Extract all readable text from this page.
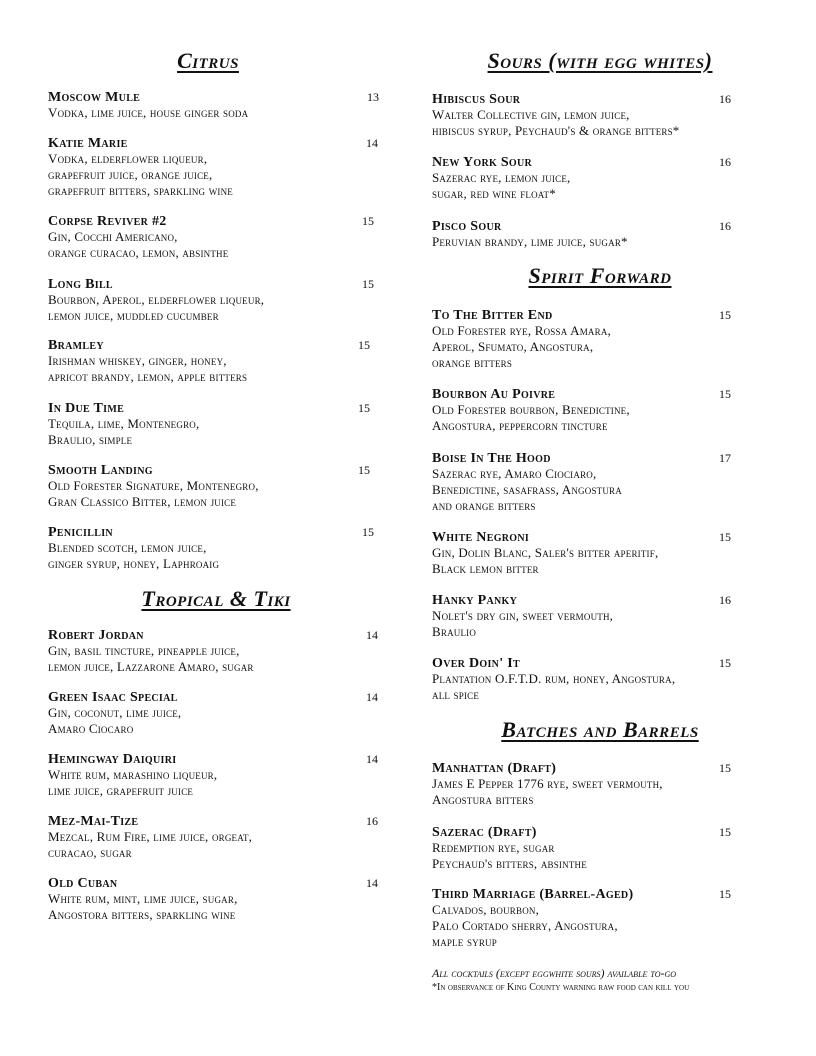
Citrus	Sours (with egg whites)
Tropical & Tiki
Spirit Forward
Batches and Barrels
Moscow Mule	13
Vodka, lime juice, house ginger soda
Katie Marie	14
Vodka, elderflower liqueur,
grapefruit juice, orange juice,
grapefruit bitters, sparkling wine
Corpse Reviver #2	15
Gin, Cocchi Americano,
orange curacao, lemon, absinthe
Long Bill	15
Bourbon, Aperol, elderflower liqueur,
lemon juice, muddled cucumber
Bramley	15
Irishman whiskey, ginger, honey,
apricot brandy, lemon, apple bitters
In Due Time	15
Tequila, lime, Montenegro,
Braulio, simple
Smooth Landing	15
Old Forester Signature, Montenegro,
Gran Classico Bitter, lemon juice
Penicillin	15
Blended scotch, lemon juice,
ginger syrup, honey, Laphroaig
Robert Jordan	14
Gin, basil tincture, pineapple juice,
lemon juice, Lazzarone Amaro, sugar
Green Isaac Special	14
Gin, coconut, lime juice,
Amaro Ciocaro
Hemingway Daiquiri	14
White rum, marashino liqueur,
lime juice, grapefruit juice
Mez-Mai-Tize	16
Mezcal, Rum Fire, lime juice, orgeat,
curacao, sugar
Old Cuban	14
White rum, mint, lime juice, sugar,
Angostora bitters, sparkling wine
Hibiscus Sour	16
Walter Collective gin, lemon juice,
hibiscus syrup, Peychaud's & orange bitters*
New York Sour	16
Sazerac rye, lemon juice,
sugar, red wine float*
Pisco Sour	16
Peruvian brandy, lime juice, sugar*
To The Bitter End	15
Old Forester rye, Rossa Amara,
Aperol, Sfumato, Angostura,
orange bitters
Bourbon Au Poivre	15
Old Forester bourbon, Benedictine,
Angostura, peppercorn tincture
Boise In The Hood	17
Sazerac rye, Amaro Ciociaro,
Benedictine, sasafrass, Angostura
and orange bitters
White Negroni	15
Gin, Dolin Blanc, Saler's bitter aperitif,
Black lemon bitter
Hanky Panky	16
Nolet's dry gin, sweet vermouth,
Braulio
Over Doin' It	15
Plantation O.F.T.D. rum, honey, Angostura,
all spice
Manhattan (Draft)	15
James E Pepper 1776 rye, sweet vermouth,
Angostura bitters
Sazerac (Draft)	15
Redemption rye, sugar
Peychaud's bitters, absinthe
Third Marriage (Barrel-Aged)	15
Calvados, bourbon,
Palo Cortado sherry, Angostura,
maple syrup
All cocktails (except eggwhite sours) available to-go
*In observance of King County warning raw food can kill you
